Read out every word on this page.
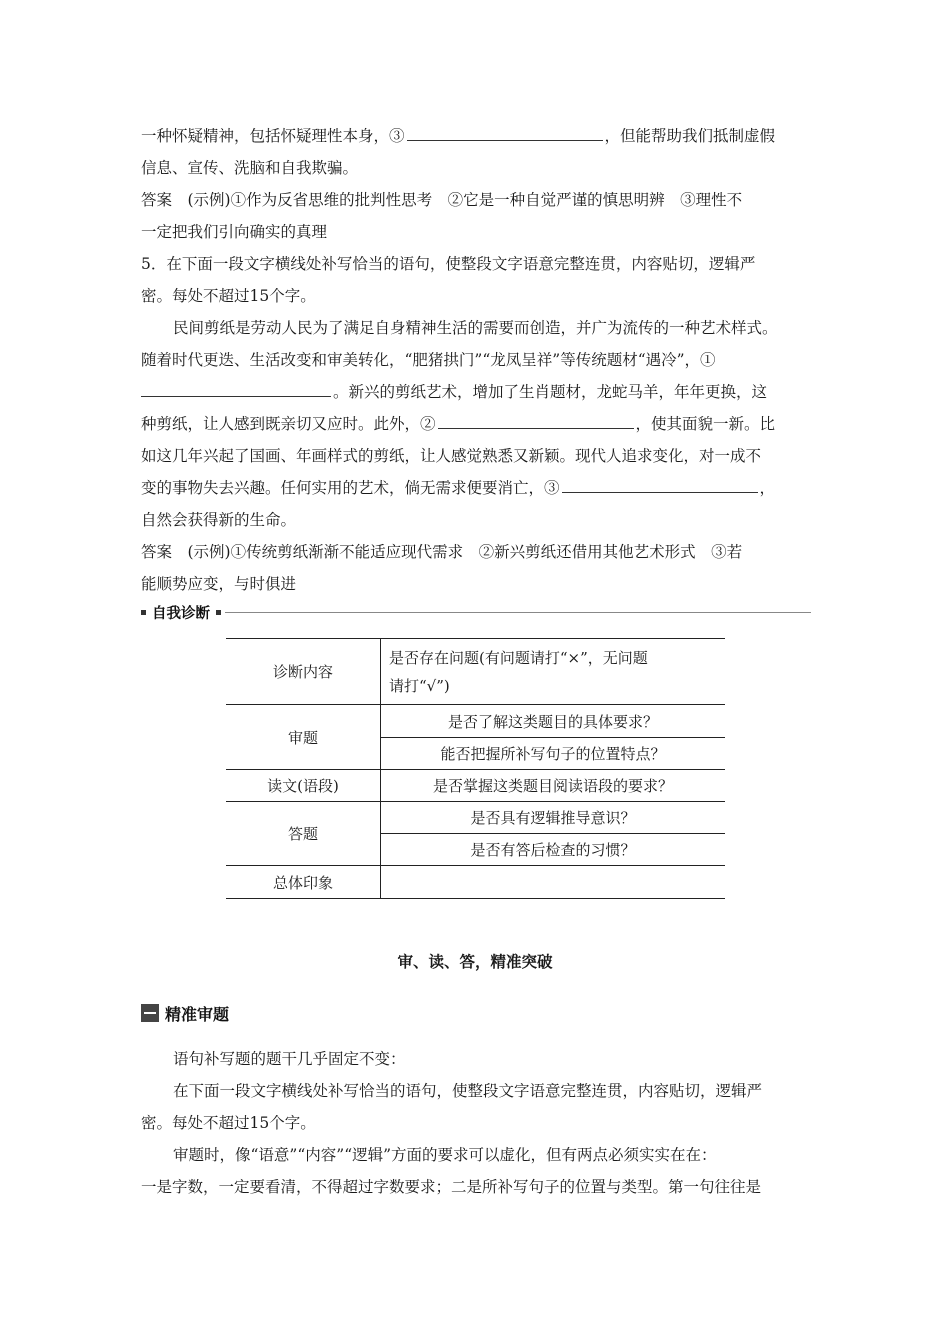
一种怀疑精神，包括怀疑理性本身，③	，但能帮助我们抵制虚假
信息、宣传、洗脑和自我欺骗。
答案　(示例)①作为反省思维的批判性思考　②它是一种自觉严谨的慎思明辨　③理性不
一定把我们引向确实的真理
5．在下面一段文字横线处补写恰当的语句，使整段文字语意完整连贯，内容贴切，逻辑严
密。每处不超过15个字。
民间剪纸是劳动人民为了满足自身精神生活的需要而创造，并广为流传的一种艺术样式。
随着时代更迭、生活改变和审美转化，“肥猪拱门”“龙凤呈祥”等传统题材“遇冷”，①
。新兴的剪纸艺术，增加了生肖题材，龙蛇马羊，年年更换，这
种剪纸，让人感到既亲切又应时。此外，②	，使其面貌一新。比
如这几年兴起了国画、年画样式的剪纸，让人感觉熟悉又新颖。现代人追求变化，对一成不
变的事物失去兴趣。任何实用的艺术，倘无需求便要消亡，③	，
自然会获得新的生命。
答案　(示例)①传统剪纸渐渐不能适应现代需求　②新兴剪纸还借用其他艺术形式　③若
能顺势应变，与时俱进
自我诊断
诊断内容	是否存在问题(有问题请打“×”，无问题
请打“√”)

审题	是否了解这类题目的具体要求？
	能否把握所补写句子的位置特点？
读文(语段)	是否掌握这类题目阅读语段的要求？
答题	是否具有逻辑推导意识？
	是否有答后检查的习惯？
总体印象	
审、读、答，精准突破
精准审题
语句补写题的题干几乎固定不变：
在下面一段文字横线处补写恰当的语句，使整段文字语意完整连贯，内容贴切，逻辑严
密。每处不超过15个字。
审题时，像“语意”“内容”“逻辑”方面的要求可以虚化，但有两点必须实实在在：
一是字数，一定要看清，不得超过字数要求；二是所补写句子的位置与类型。第一句往往是
